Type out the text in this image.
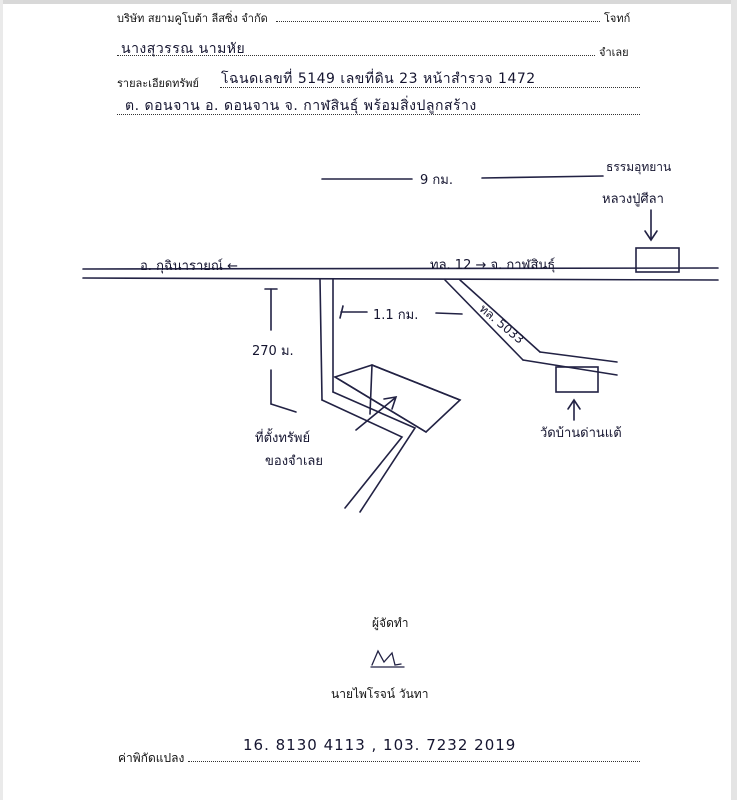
บริษัท สยามคูโบต้า ลีสซิ่ง จำกัด	โจทก์
นางสุวรรณ นามหัย	จำเลย
รายละเอียดทรัพย์ โฉนดเลขที่ 5149 เลขที่ดิน 23 หน้าสำรวจ 1472
ต. ดอนจาน อ. ดอนจาน จ. กาฬสินธุ์ พร้อมสิ่งปลูกสร้าง
9 กม.
ธรรมอุทยาน
หลวงปู่ศีลา
อ. กุฉินารายณ์ ←	ทล. 12 → จ. กาฬสินธุ์
270 ม.
1.1 กม.	ทล. 5033
ที่ตั้งทรัพย์
ของจำเลย
วัดบ้านด่านแต้
ผู้จัดทำ
นายไพโรจน์ วันทา
ค่าพิกัดแปลง
16. 8130 4113 , 103. 7232 2019
